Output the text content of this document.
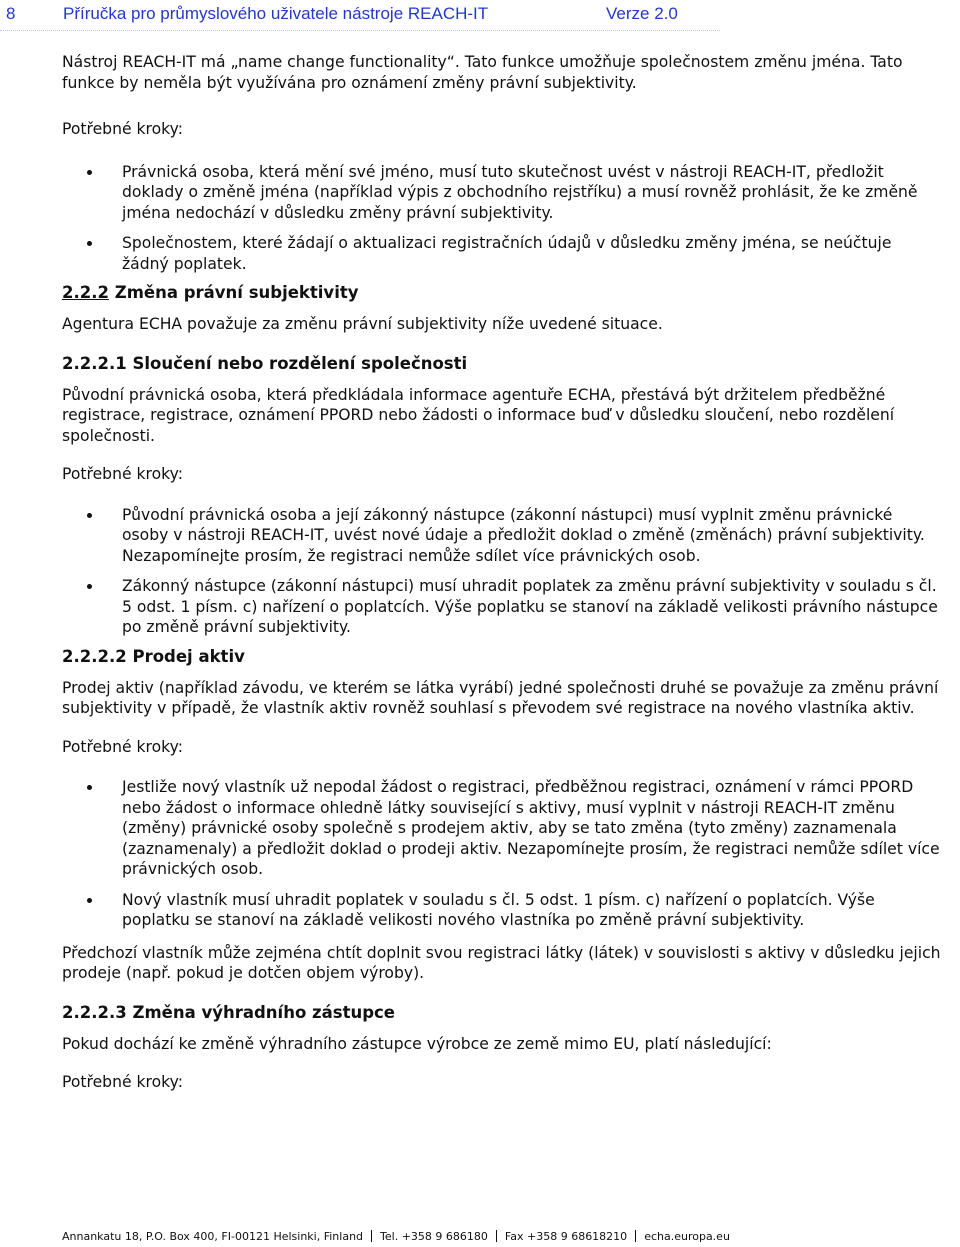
8	Příručka pro průmyslového uživatele nástroje REACH-IT	Verze 2.0

Nástroj REACH-IT má „name change functionality“. Tato funkce umožňuje společnostem změnu jména. Tato funkce by neměla být využívána pro oznámení změny právní subjektivity.

Potřebné kroky:

Právnická osoba, která mění své jméno, musí tuto skutečnost uvést v nástroji REACH-IT, předložit doklady o změně jména (například výpis z obchodního rejstříku) a musí rovněž prohlásit, že ke změně jména nedochází v důsledku změny právní subjektivity.
Společnostem, které žádají o aktualizaci registračních údajů v důsledku změny jména, se neúčtuje žádný poplatek.
2.2.2 Změna právní subjektivity

Agentura ECHA považuje za změnu právní subjektivity níže uvedené situace.

2.2.2.1 Sloučení nebo rozdělení společnosti

Původní právnická osoba, která předkládala informace agentuře ECHA, přestává být držitelem předběžné registrace, registrace, oznámení PPORD nebo žádosti o informace buď v důsledku sloučení, nebo rozdělení společnosti.

Potřebné kroky:

Původní právnická osoba a její zákonný nástupce (zákonní nástupci) musí vyplnit změnu právnické osoby v nástroji REACH-IT, uvést nové údaje a předložit doklad o změně (změnách) právní subjektivity. Nezapomínejte prosím, že registraci nemůže sdílet více právnických osob.
Zákonný nástupce (zákonní nástupci) musí uhradit poplatek za změnu právní subjektivity v souladu s čl. 5 odst. 1 písm. c) nařízení o poplatcích. Výše poplatku se stanoví na základě velikosti právního nástupce po změně právní subjektivity.
2.2.2.2 Prodej aktiv

Prodej aktiv (například závodu, ve kterém se látka vyrábí) jedné společnosti druhé se považuje za změnu právní subjektivity v případě, že vlastník aktiv rovněž souhlasí s převodem své registrace na nového vlastníka aktiv.

Potřebné kroky:

Jestliže nový vlastník už nepodal žádost o registraci, předběžnou registraci, oznámení v rámci PPORD nebo žádost o informace ohledně látky související s aktivy, musí vyplnit v nástroji REACH-IT změnu (změny) právnické osoby společně s prodejem aktiv, aby se tato změna (tyto změny) zaznamenala (zaznamenaly) a předložit doklad o prodeji aktiv. Nezapomínejte prosím, že registraci nemůže sdílet více právnických osob.
Nový vlastník musí uhradit poplatek v souladu s čl. 5 odst. 1 písm. c) nařízení o poplatcích. Výše poplatku se stanoví na základě velikosti nového vlastníka po změně právní subjektivity.

Předchozí vlastník může zejména chtít doplnit svou registraci látky (látek) v souvislosti s aktivy v důsledku jejich prodeje (např. pokud je dotčen objem výroby).

2.2.2.3 Změna výhradního zástupce

Pokud dochází ke změně výhradního zástupce výrobce ze země mimo EU, platí následující:

Potřebné kroky:

Annankatu 18, P.O. Box 400, FI-00121 Helsinki, Finland Tel. +358 9 686180 Fax +358 9 68618210 echa.europa.eu
